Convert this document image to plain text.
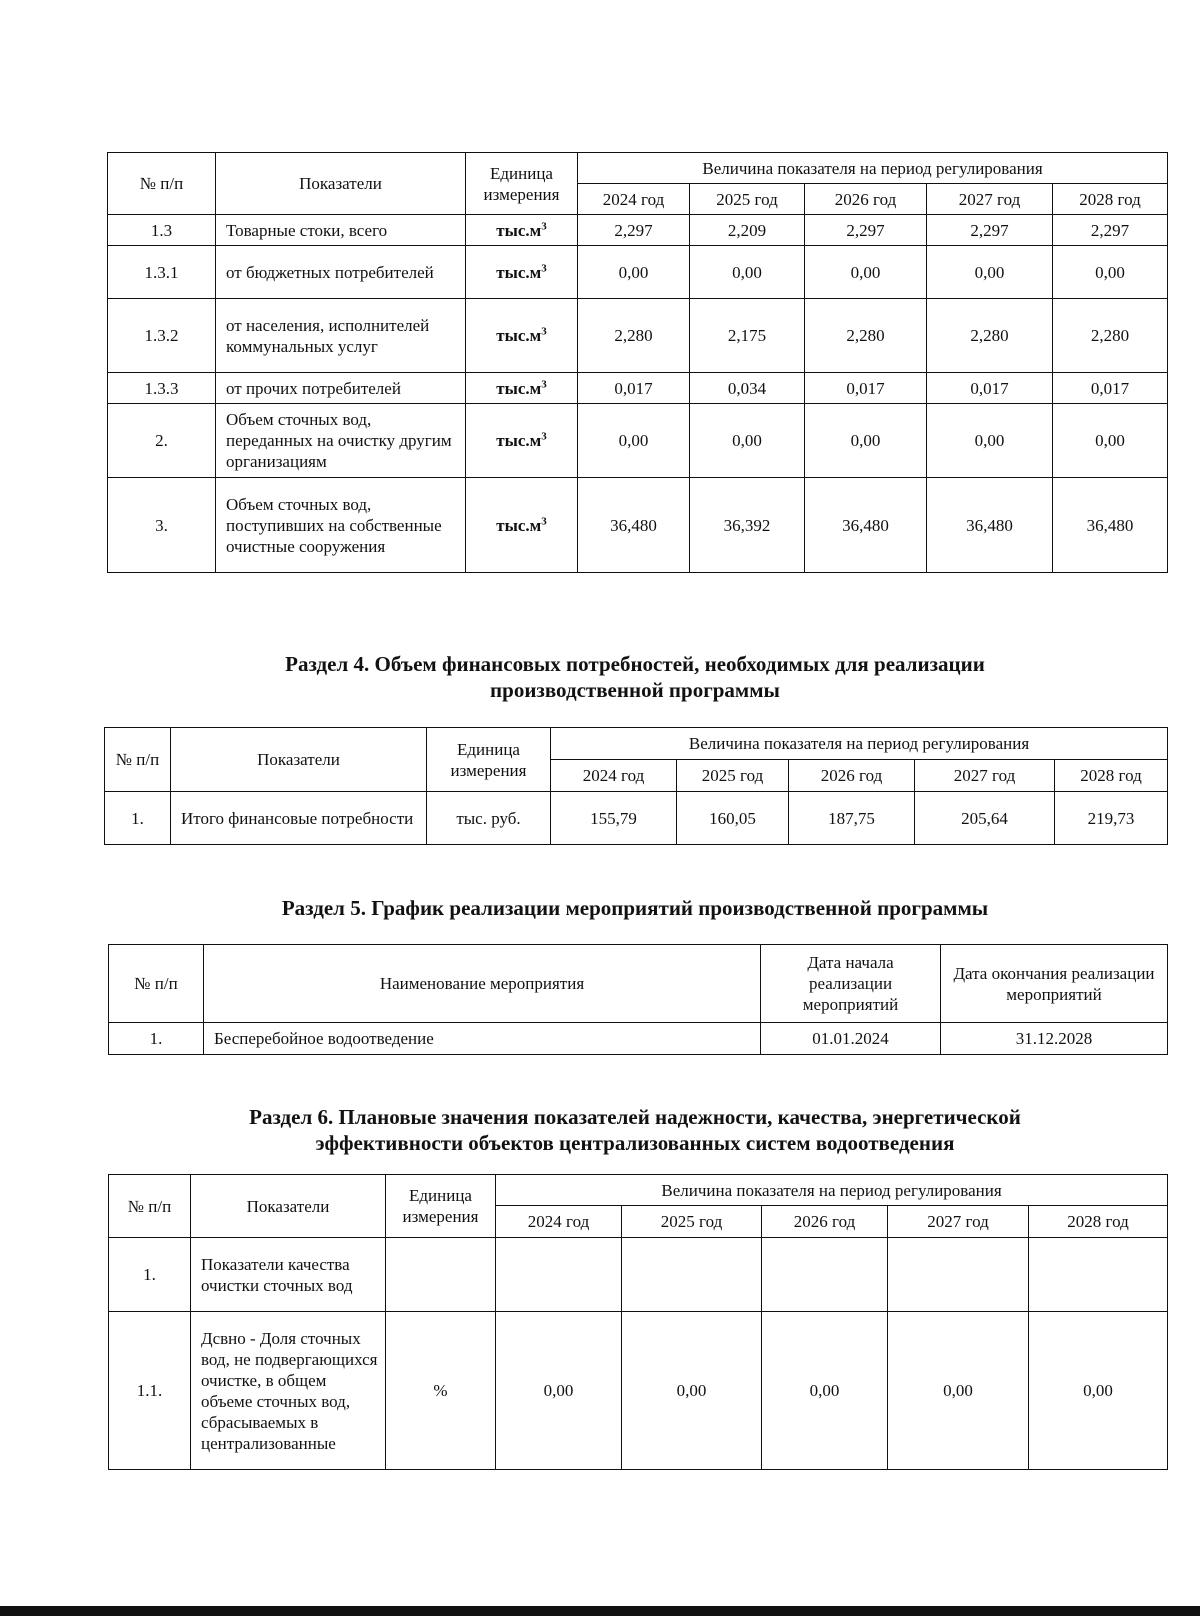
№ п/п	Показатели	Единица измерения	Величина показателя на период регулирования				
			2024 год	2025 год	2026 год	2027 год	2028 год
1.3	Товарные стоки, всего	$тыс.м^3$	2,297	2,209	2,297	2,297	2,297
1.3.1	от бюджетных потребителей	$тыс.м^3$	0,00	0,00	0,00	0,00	0,00
1.3.2	от населения, исполнителей коммунальных услуг	$тыс.м^3$	2,280	2,175	2,280	2,280	2,280
1.3.3	от прочих потребителей	$тыс.м^3$	0,017	0,034	0,017	0,017	0,017
2.	Объем сточных вод, переданных на очистку другим организациям	$тыс.м^3$	0,00	0,00	0,00	0,00	0,00
3.	Объем сточных вод, поступивших на собственные очистные сооружения	$тыс.м^3$	36,480	36,392	36,480	36,480	36,480
Раздел 4. Объем финансовых потребностей, необходимых для реализации
производственной программы
№ п/п	Показатели	Единица измерения	Величина показателя на период регулирования				
			2024 год	2025 год	2026 год	2027 год	2028 год
1.	Итого финансовые потребности	тыс. руб.	155,79	160,05	187,75	205,64	219,73
Раздел 5. График реализации мероприятий производственной программы
№ п/п	Наименование мероприятия	Дата начала реализации мероприятий	Дата окончания реализации мероприятий
1.	Бесперебойное водоотведение	01.01.2024	31.12.2028
Раздел 6. Плановые значения показателей надежности, качества, энергетической
эффективности объектов централизованных систем водоотведения
№ п/п	Показатели	Единица измерения	Величина показателя на период регулирования				
			2024 год	2025 год	2026 год	2027 год	2028 год
1.	Показатели качества очистки сточных вод						
1.1.	Дсвно - Доля сточных вод, не подвергающихся очистке, в общем объеме сточных вод, сбрасываемых в централизованные	%	0,00	0,00	0,00	0,00	0,00
